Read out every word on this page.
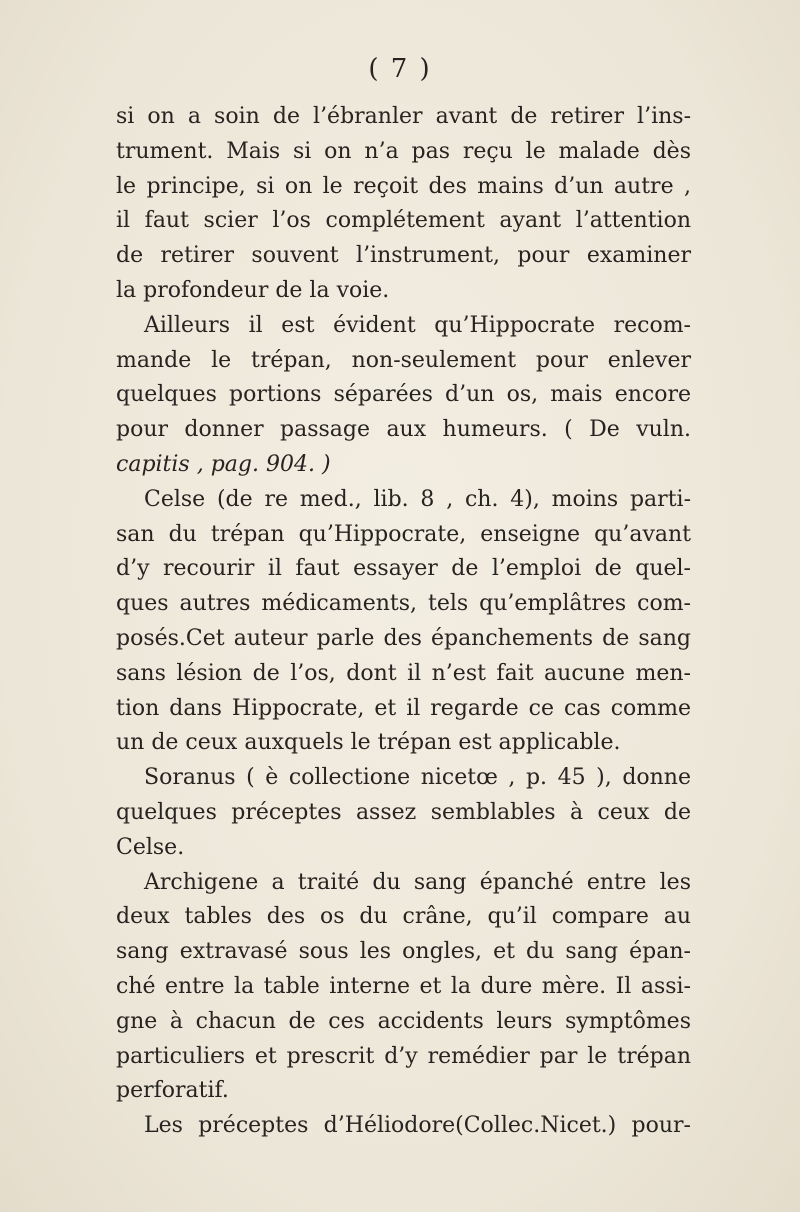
( 7 )
si on a soin de l’ébranler avant de retirer l’ins-
trument. Mais si on n’a pas reçu le malade dès
le principe, si on le reçoit des mains d’un autre ,
il faut scier l’os complétement ayant l’attention
de retirer souvent l’instrument, pour examiner
la profondeur de la voie.
Ailleurs il est évident qu’Hippocrate recom-
mande le trépan, non-seulement pour enlever
quelques portions séparées d’un os, mais encore
pour donner passage aux humeurs. ( De vuln.
capitis , pag. 904. )
Celse (de re med., lib. 8 , ch. 4), moins parti-
san du trépan qu’Hippocrate, enseigne qu’avant
d’y recourir il faut essayer de l’emploi de quel-
ques autres médicaments, tels qu’emplâtres com-
posés.Cet auteur parle des épanchements de sang
sans lésion de l’os, dont il n’est fait aucune men-
tion dans Hippocrate, et il regarde ce cas comme
un de ceux auxquels le trépan est applicable.
Soranus ( è collectione nicetœ , p. 45 ), donne
quelques préceptes assez semblables à ceux de
Celse.
Archigene a traité du sang épanché entre les
deux tables des os du crâne, qu’il compare au
sang extravasé sous les ongles, et du sang épan-
ché entre la table interne et la dure mère. Il assi-
gne à chacun de ces accidents leurs symptômes
particuliers et prescrit d’y remédier par le trépan
perforatif.
Les préceptes d’Héliodore(Collec.Nicet.) pour-
